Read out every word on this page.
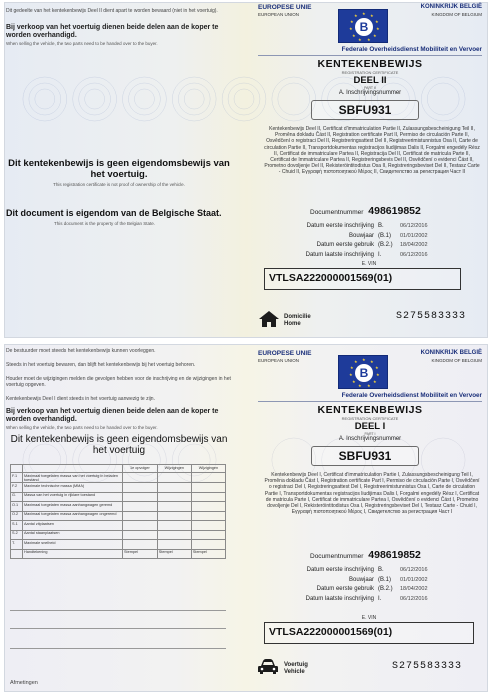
Dit gedeelte van het kentekenbewijs Deel II dient apart te worden bewaard (niet in het voertuig).
Bij verkoop van het voertuig dienen beide delen aan de koper te worden overhandigd.
When selling the vehicle, the two parts need to be handed over to the buyer.
Dit kentekenbewijs is geen eigendomsbewijs van het voertuig.
This registration certificate is not proof of ownership of the vehicle.
Dit document is eigendom van de Belgische Staat.
This document is the property of the Belgian State.
EUROPESE UNIE
EUROPEAN UNION	★ ★
★
★
★
★
★
★
★
★
★
B
KONINKRIJK BELGIË
KINGDOM OF BELGIUM
Federale Overheidsdienst Mobiliteit en Vervoer
KENTEKENBEWIJS
REGISTRATION CERTIFICATE
DEEL II
PART II
A. Inschrijvingsnummer
SBFU931
Kentekenbewijs Deel II, Certificat d'immatriculation Partie II, Zulassungsbescheinigung Teil II, Proměna dokladu Část II, Registration certificate Part II, Permiso de circulación Parte II, Osvědčení o registraci Del II, Registreringsattest Del II, Registreerimistunnistus Osa II, Carte de circulation Partie II, Transportdokumentas registracijos liudijimas Dalis II, Forgalmi engedély Rész II, Certificat de immatriculare Partea II, Registracija Del II, Certificat de matricula Parte II, Certificat de Immatriculare Partea II, Registreringsbevis Del II, Osvědčení o evidenci Část II, Prometno dovoljenje Del II, Rekisteröintitodistus Osa II, Registreringsbeviset Del II, Testasz Carte - Chuid II, Εγγραφή πιστοποιητικού Μέρος II, Свидетелство за регистрация Част II
Documentnummer 498619852
Datum eerste inschrijving B.	06/12/2016
Bouwjaar (B.1)	01/01/2002
Datum eerste gebruik (B.2.)	18/04/2002
Datum laatste inschrijving I.	06/12/2016
E. VIN
VTLSA222000001569(01)
Domicilie
Home
S275583333
De bestuurder moet steeds het kentekenbewijs kunnen voorleggen.
Steeds in het voertuig bewaren, dan blijft het kentekenbewijs bij het voertuig behoren.
Houder moet de wijzigingen melden die gevolgen hebben voor de inschrijving en de wijzigingen in het voertuig opgeven.
Kentekenbewijs Deel I dient steeds in het voertuig aanwezig te zijn.
Bij verkoop van het voertuig dienen beide delen aan de koper te worden overhandigd.
When selling the vehicle, the two parts need to be handed over to the buyer.
Dit kentekenbewijs is geen eigendomsbewijs van het voertuig
		1e opvolger	Wijzigingen	Wijzigingen
F.1	Maximaal toegelaten massa van het voertuig in beladen toestand			
F.2	Maximale technische massa (MMA)			
G.	Massa van het voertuig in rijklare toestand			
O.1	Maximaal toegelaten massa aanhangwagen geremd			
O.2	Maximaal toegelaten massa aanhangwagen ongeremd			
S.1	Aantal zitplaatsen			
S.2	Aantal staanplaatsen			
T.	Maximale snelheid			
	Handtekening	Stempel	Stempel	Stempel
Afmetingen
EUROPESE UNIE
EUROPEAN UNION	★ ★
★
★
★
★
★
★
★
★
★
B
KONINKRIJK BELGIË
KINGDOM OF BELGIUM
Federale Overheidsdienst Mobiliteit en Vervoer
KENTEKENBEWIJS
REGISTRATION CERTIFICATE
DEEL I
PART I
A. Inschrijvingsnummer
SBFU931
Kentekenbewijs Deel I, Certificat d'immatriculation Partie I, Zulassungsbescheinigung Teil I, Proměna dokladu Část I, Registration certificate Part I, Permiso de circulación Parte I, Osvědčení o registraci Del I, Registreringsattest Del I, Registreerimistunnistus Osa I, Carte de circulation Partie I, Transportdokumentas registracijos liudijimas Dalis I, Forgalmi engedély Rész I, Certificat de matricula Parte I, Certificat de immatriculare Partea I, Osvědčení o evidenci Část I, Prometno dovoljenje Del I, Rekisteröintitodistus Osa I, Registreringsbeviset Del I, Testasz Carte - Chuid I, Εγγραφή πιστοποιητικού Μέρος I, Свидетелство за регистрация Част I
Documentnummer 498619852
Datum eerste inschrijving B.	06/12/2016
Bouwjaar (B.1)	01/01/2002
Datum eerste gebruik (B.2.)	18/04/2002
Datum laatste inschrijving I.	06/12/2016
E. VIN
VTLSA222000001569(01)
Voertuig
Vehicle	S275583333
